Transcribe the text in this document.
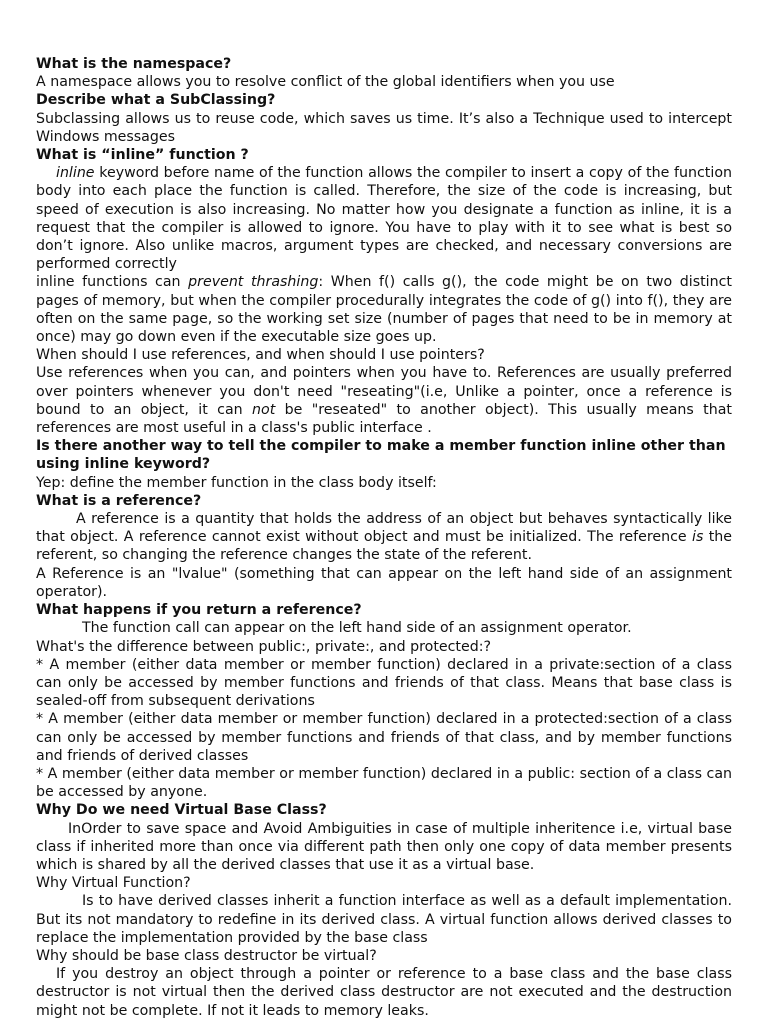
What is the namespace?

A namespace allows you to resolve conflict of the global identifiers when you use

Describe what a SubClassing?

Subclassing allows us to reuse code, which saves us time. It’s also a Technique used to intercept Windows messages

What is “inline” function ?

inline keyword before name of the function allows the compiler to insert a copy of the function body into each place the function is called. Therefore, the size of the code is increasing, but speed of execution is also increasing. No matter how you designate a function as inline, it is a request that the compiler is allowed to ignore. You have to play with it to see what is best so don’t ignore. Also unlike macros, argument types are checked, and necessary conversions are performed correctly

inline functions can prevent thrashing: When f() calls g(), the code might be on two distinct pages of memory, but when the compiler procedurally integrates the code of g() into f(), they are often on the same page, so the working set size (number of pages that need to be in memory at once) may go down even if the executable size goes up.

When should I use references, and when should I use pointers?

Use references when you can, and pointers when you have to. References are usually preferred over pointers whenever you don't need "reseating"(i.e, Unlike a pointer, once a reference is bound to an object, it can not be "reseated" to another object). This usually means that references are most useful in a class's public interface .

Is there another way to tell the compiler to make a member function inline other than using inline keyword?

Yep: define the member function in the class body itself:

What is a reference?

A reference is a quantity that holds the address of an object but behaves syntactically like that object. A reference cannot exist without object and must be initialized. The reference is the referent, so changing the reference changes the state of the referent.

A Reference is an "lvalue" (something that can appear on the left hand side of an assignment operator).

What happens if you return a reference?

The function call can appear on the left hand side of an assignment operator.

What's the difference between public:, private:, and protected:?

* A member (either data member or member function) declared in a private:section of a class can only be accessed by member functions and friends of that class. Means that base class is sealed-off from subsequent derivations

* A member (either data member or member function) declared in a protected:section of a class can only be accessed by member functions and friends of that class, and by member functions and friends of derived classes

* A member (either data member or member function) declared in a public: section of a class can be accessed by anyone.

Why Do we need Virtual Base Class?

InOrder to save space and Avoid Ambiguities in case of multiple inheritence i.e, virtual base class if inherited more than once via different path then only one copy of data member presents which is shared by all the derived classes that use it as a virtual base.

Why Virtual Function?

Is to have derived classes inherit a function interface as well as a default implementation. But its not mandatory to redefine in its derived class. A virtual function allows derived classes to replace the implementation provided by the base class

Why should be base class destructor be virtual?

If you destroy an object through a pointer or reference to a base class and the base class destructor is not virtual then the derived class destructor are not executed and the destruction might not be complete. If not it leads to memory leaks.
